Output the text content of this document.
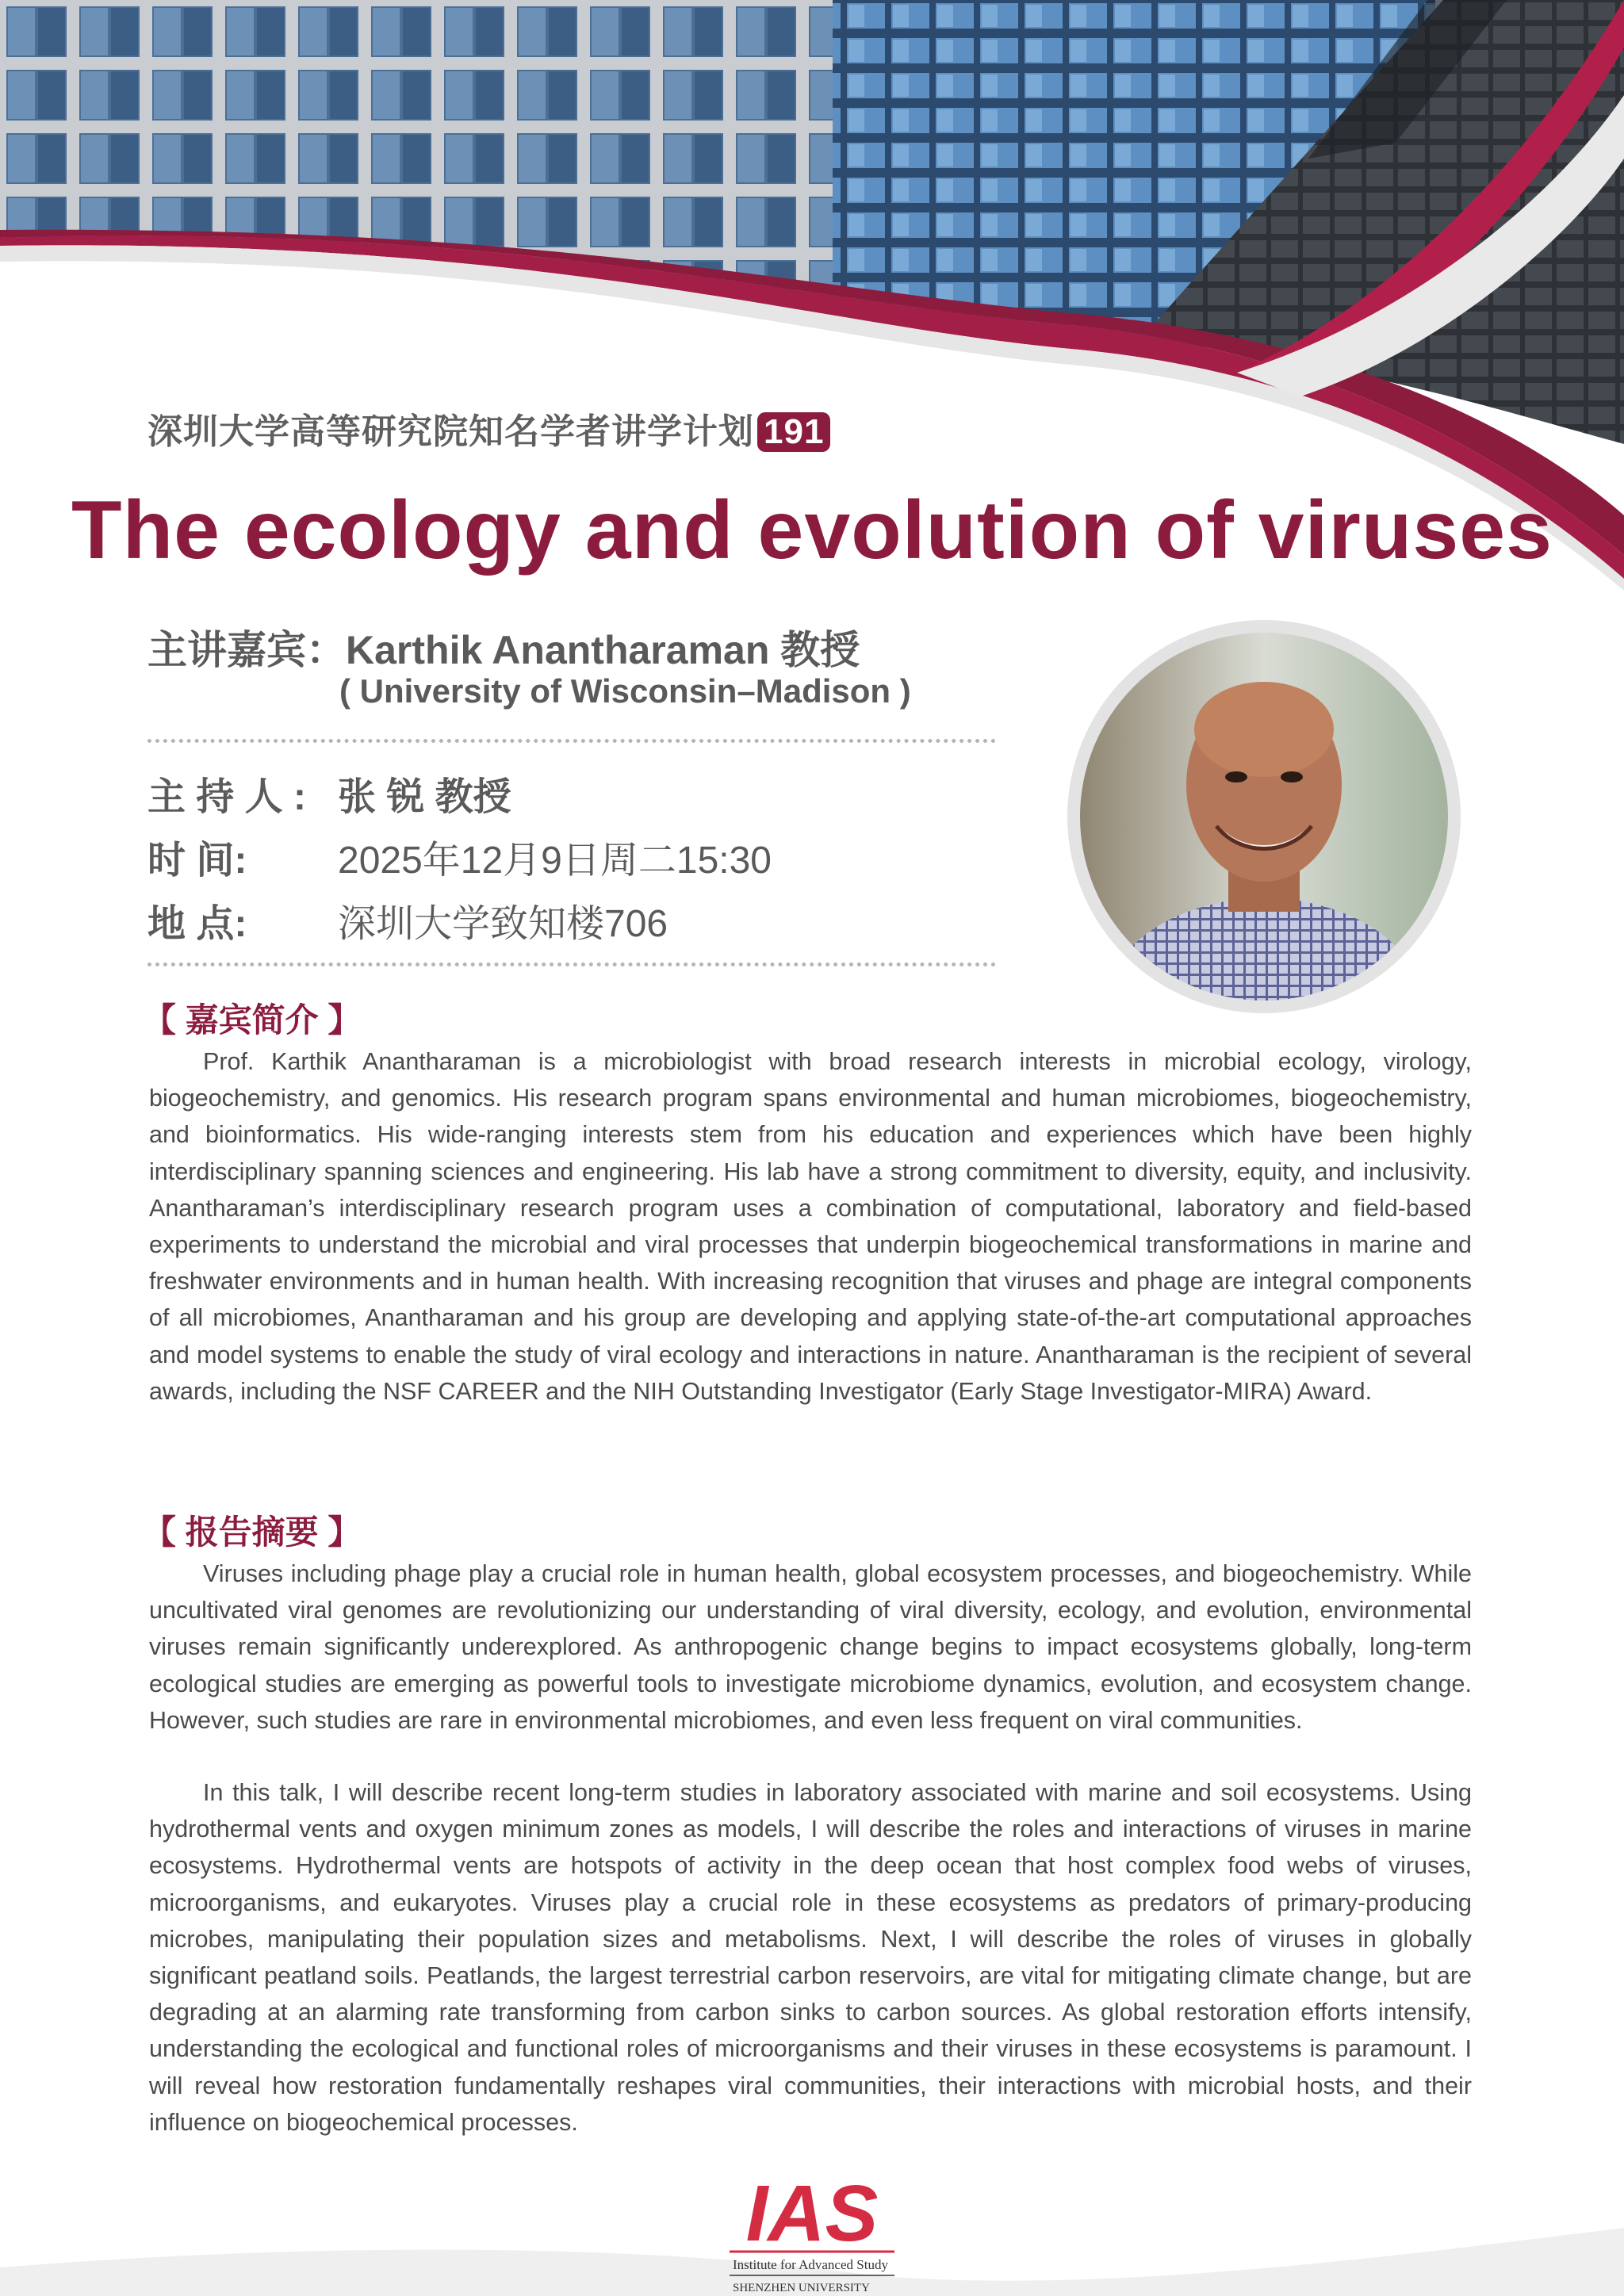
深圳大学高等研究院知名学者讲学计划 191
The ecology and evolution of viruses
主讲嘉宾：Karthik Anantharaman 教授
( University of Wisconsin–Madison )
主 持 人 : 张 锐 教授
时 间: 2025年12月9日周二15:30
地 点: 深圳大学致知楼706
【 嘉宾简介 】

Prof. Karthik Anantharaman is a microbiologist with broad research interests in microbial ecology, virology, biogeochemistry, and genomics. His research program spans environmental and human microbiomes, biogeochemistry, and bioinformatics. His wide-ranging interests stem from his education and experiences which have been highly interdisciplinary spanning sciences and engineering. His lab have a strong commitment to diversity, equity, and inclusivity. Anantharaman’s interdisciplinary research program uses a combination of computational, laboratory and field-based experiments to understand the microbial and viral processes that underpin biogeochemical transformations in marine and freshwater environments and in human health. With increasing recognition that viruses and phage are integral components of all microbiomes, Anantharaman and his group are developing and applying state-of-the-art computational approaches and model systems to enable the study of viral ecology and interactions in nature. Anantharaman is the recipient of several awards, including the NSF CAREER and the NIH Outstanding Investigator (Early Stage Investigator-MIRA) Award.

【 报告摘要 】

Viruses including phage play a crucial role in human health, global ecosystem processes, and biogeochemistry. While uncultivated viral genomes are revolutionizing our understanding of viral diversity, ecology, and evolution, environmental viruses remain significantly underexplored. As anthropogenic change begins to impact ecosystems globally, long-term ecological studies are emerging as powerful tools to investigate microbiome dynamics, evolution, and ecosystem change. However, such studies are rare in environmental microbiomes, and even less frequent on viral communities.

In this talk, I will describe recent long-term studies in laboratory associated with marine and soil ecosystems. Using hydrothermal vents and oxygen minimum zones as models, I will describe the roles and interactions of viruses in marine ecosystems. Hydrothermal vents are hotspots of activity in the deep ocean that host complex food webs of viruses, microorganisms, and eukaryotes. Viruses play a crucial role in these ecosystems as predators of primary-producing microbes, manipulating their population sizes and metabolisms. Next, I will describe the roles of viruses in globally significant peatland soils. Peatlands, the largest terrestrial carbon reservoirs, are vital for mitigating climate change, but are degrading at an alarming rate transforming from carbon sinks to carbon sources. As global restoration efforts intensify, understanding the ecological and functional roles of microorganisms and their viruses in these ecosystems is paramount. I will reveal how restoration fundamentally reshapes viral communities, their interactions with microbial hosts, and their influence on biogeochemical processes.

IAS
Institute for Advanced Study
SHENZHEN UNIVERSITY
